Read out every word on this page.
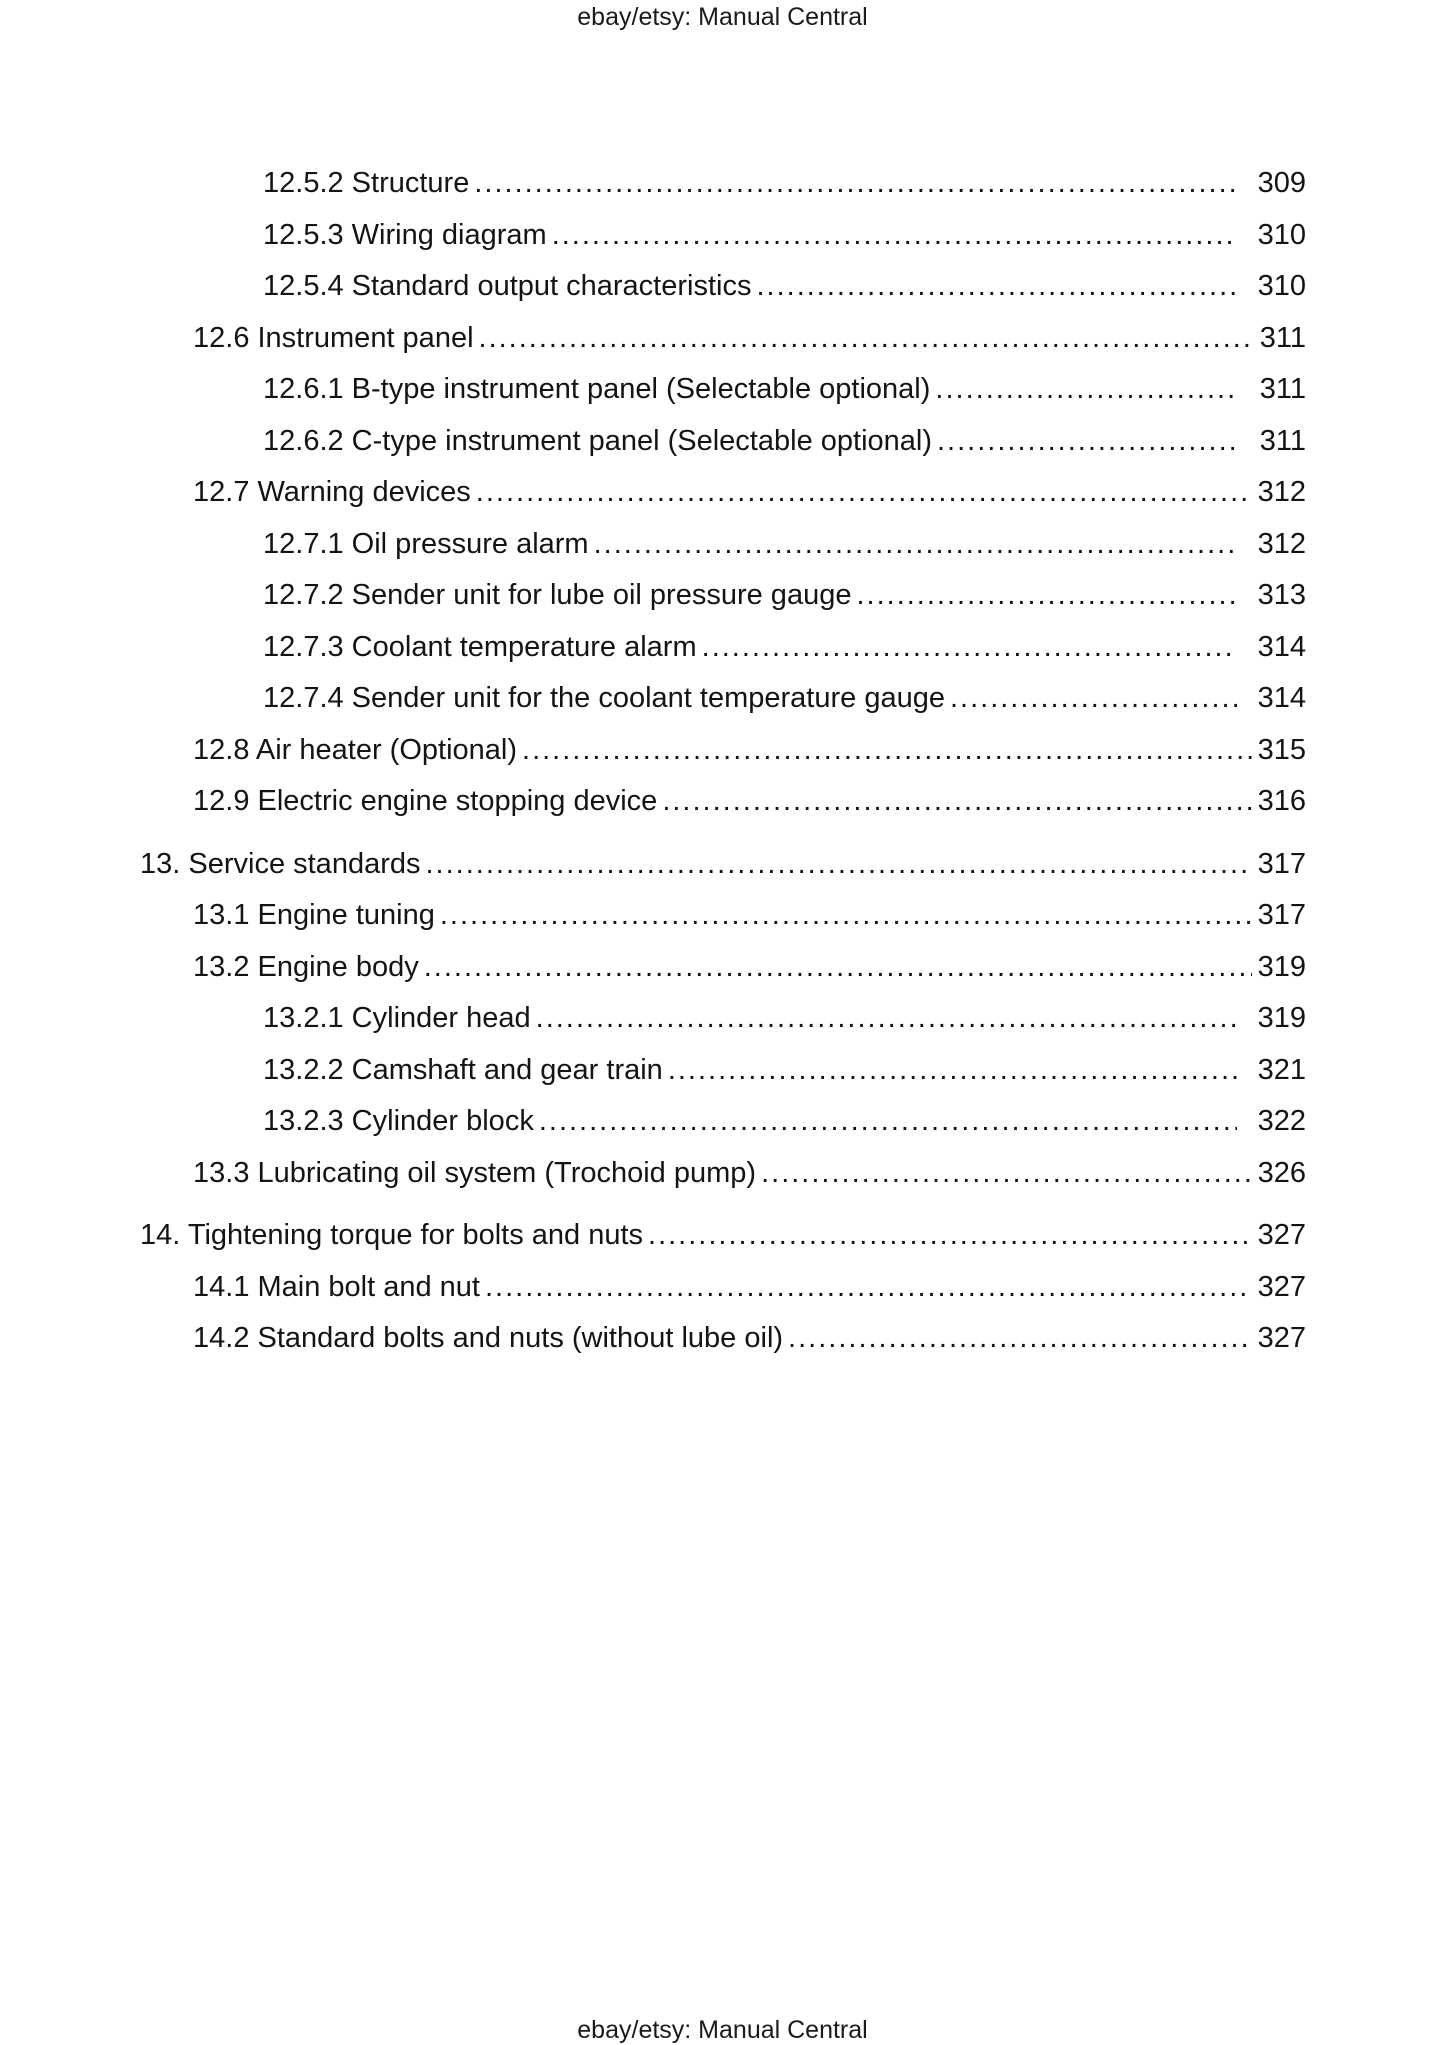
ebay/etsy: Manual Central
12.5.2 Structure .....	309
12.5.3 Wiring diagram .....	310
12.5.4 Standard output characteristics .....	310
12.6 Instrument panel .....	311
12.6.1 B-type instrument panel (Selectable optional) .....	311
12.6.2 C-type instrument panel (Selectable optional) .....	311
12.7 Warning devices .....	312
12.7.1 Oil pressure alarm .....	312
12.7.2 Sender unit for lube oil pressure gauge .....	313
12.7.3 Coolant temperature alarm .....	314
12.7.4 Sender unit for the coolant temperature gauge .....	314
12.8 Air heater (Optional) .....	315
12.9 Electric engine stopping device .....	316
13. Service standards .....	317
13.1 Engine tuning .....	317
13.2 Engine body .....	319
13.2.1 Cylinder head .....	319
13.2.2 Camshaft and gear train .....	321
13.2.3 Cylinder block .....	322
13.3 Lubricating oil system (Trochoid pump) .....	326
14. Tightening torque for bolts and nuts .....	327
14.1 Main bolt and nut .....	327
14.2 Standard bolts and nuts (without lube oil) .....	327
ebay/etsy: Manual Central
